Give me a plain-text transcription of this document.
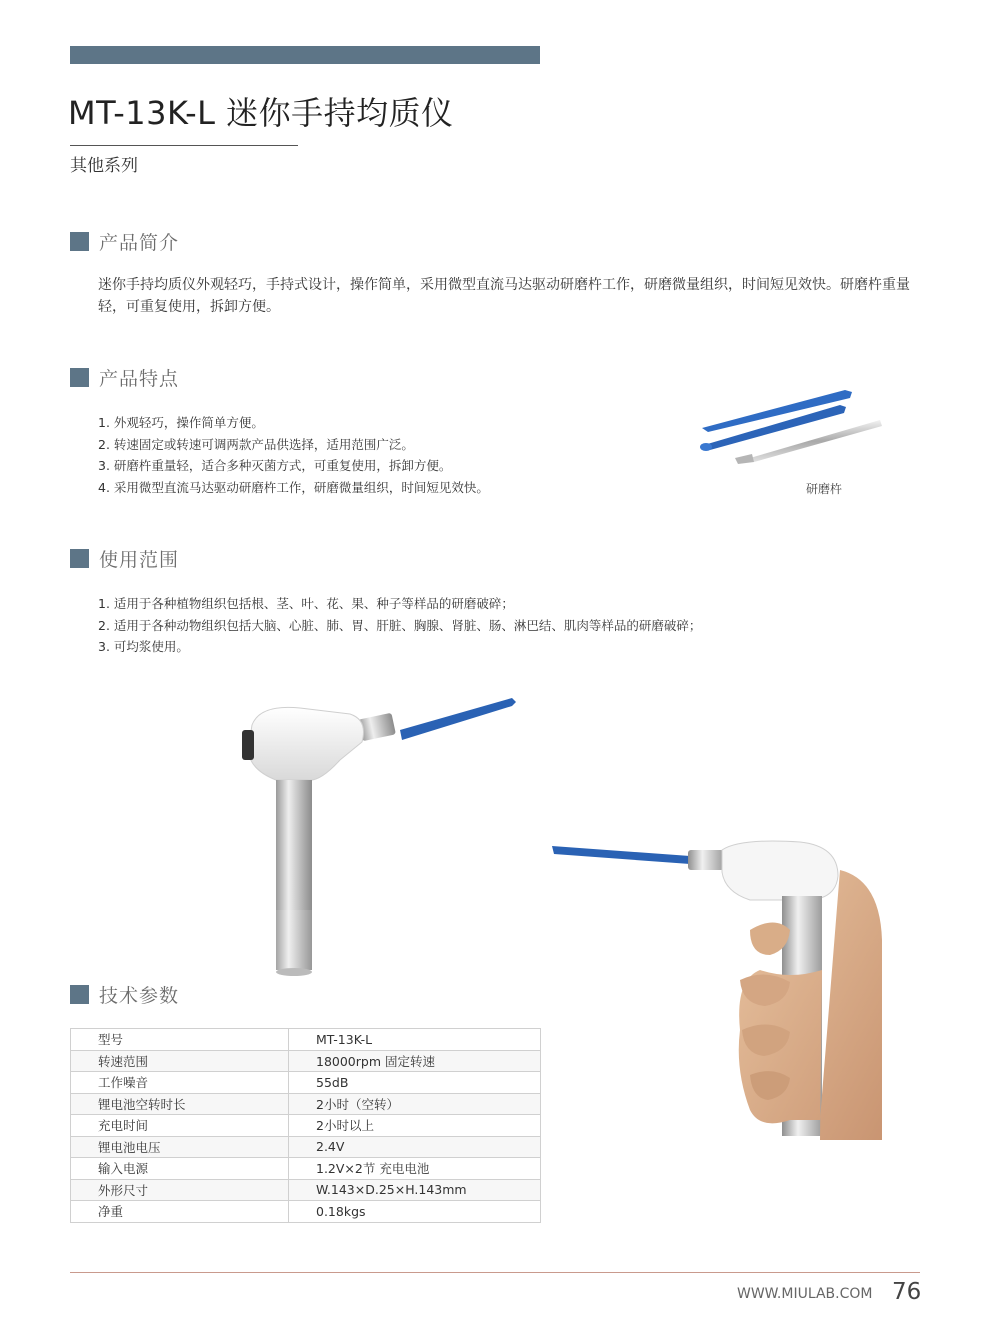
MT-13K-L 迷你手持均质仪
其他系列
产品简介
迷你手持均质仪外观轻巧，手持式设计，操作简单，采用微型直流马达驱动研磨杵工作，研磨微量组织，时间短见效快。研磨杵重量轻，可重复使用，拆卸方便。
产品特点
1. 外观轻巧，操作简单方便。
2. 转速固定或转速可调两款产品供选择，适用范围广泛。
3. 研磨杵重量轻，适合多种灭菌方式，可重复使用，拆卸方便。
4. 采用微型直流马达驱动研磨杵工作，研磨微量组织，时间短见效快。	研磨杵
使用范围
1. 适用于各种植物组织包括根、茎、叶、花、果、种子等样品的研磨破碎；
2. 适用于各种动物组织包括大脑、心脏、肺、胃、肝脏、胸腺、肾脏、肠、淋巴结、肌肉等样品的研磨破碎；
3. 可均浆使用。
技术参数
型号	MT-13K-L
转速范围	18000rpm 固定转速
工作噪音	55dB
锂电池空转时长	2小时（空转）
充电时间	2小时以上
锂电池电压	2.4V
输入电源	1.2V×2节 充电电池
外形尺寸	W.143×D.25×H.143mm
净重	0.18kgs
WWW.MIULAB.COM 76
